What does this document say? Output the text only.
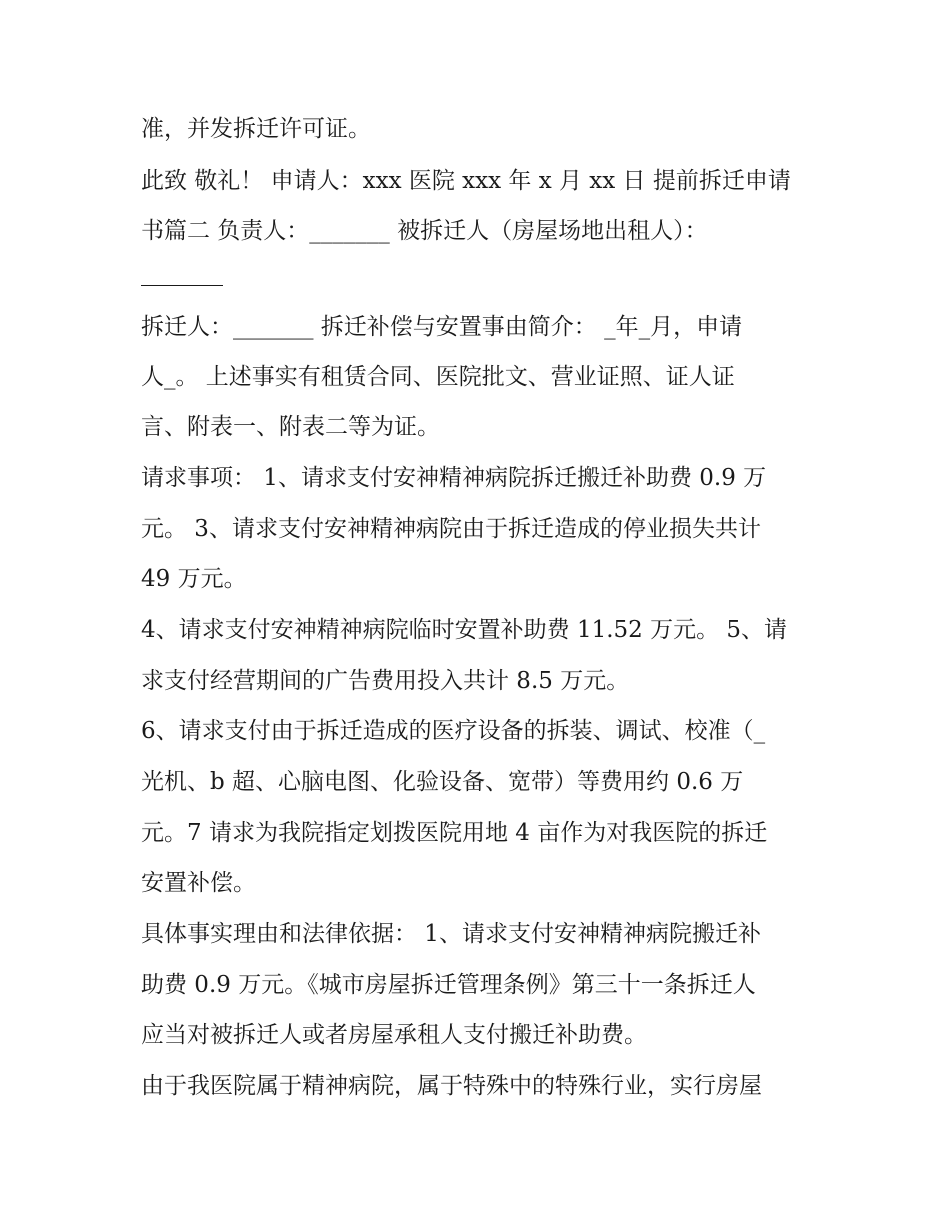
准，并发拆迁许可证。
此致 敬礼！ 申请人：xxx 医院 xxx 年 x 月 xx 日 提前拆迁申请
书篇二 负责人：_______ 被拆迁人（房屋场地出租人）：
拆迁人：_______ 拆迁补偿与安置事由简介： _年_月，申请
人_。 上述事实有租赁合同、医院批文、营业证照、证人证
言、附表一、附表二等为证。
请求事项： 1、请求支付安神精神病院拆迁搬迁补助费 0.9 万
元。 3、请求支付安神精神病院由于拆迁造成的停业损失共计
49 万元。
4、请求支付安神精神病院临时安置补助费 11.52 万元。 5、请
求支付经营期间的广告费用投入共计 8.5 万元。
6、请求支付由于拆迁造成的医疗设备的拆装、调试、校准（_
光机、b 超、心脑电图、化验设备、宽带）等费用约 0.6 万
元。7 请求为我院指定划拨医院用地 4 亩作为对我医院的拆迁
安置补偿。
具体事实理由和法律依据： 1、请求支付安神精神病院搬迁补
助费 0.9 万元。《城市房屋拆迁管理条例》第三十一条拆迁人
应当对被拆迁人或者房屋承租人支付搬迁补助费。
由于我医院属于精神病院，属于特殊中的特殊行业，实行房屋
